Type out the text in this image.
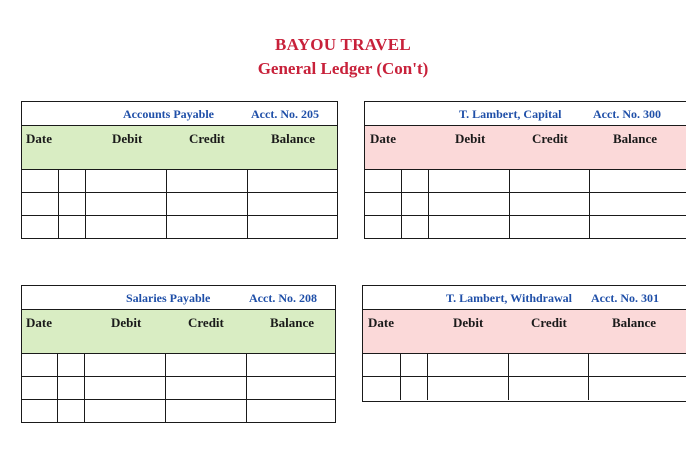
BAYOU TRAVEL
General Ledger (Con't)
Accounts Payable	Acct. No. 205
Date	Debit	Credit	Balance
T. Lambert, Capital	Acct. No. 300
Date	Debit	Credit	Balance
Salaries Payable	Acct. No. 208
Date	Debit	Credit	Balance
T. Lambert, Withdrawal Acct. No. 301
Date	Debit	Credit	Balance
